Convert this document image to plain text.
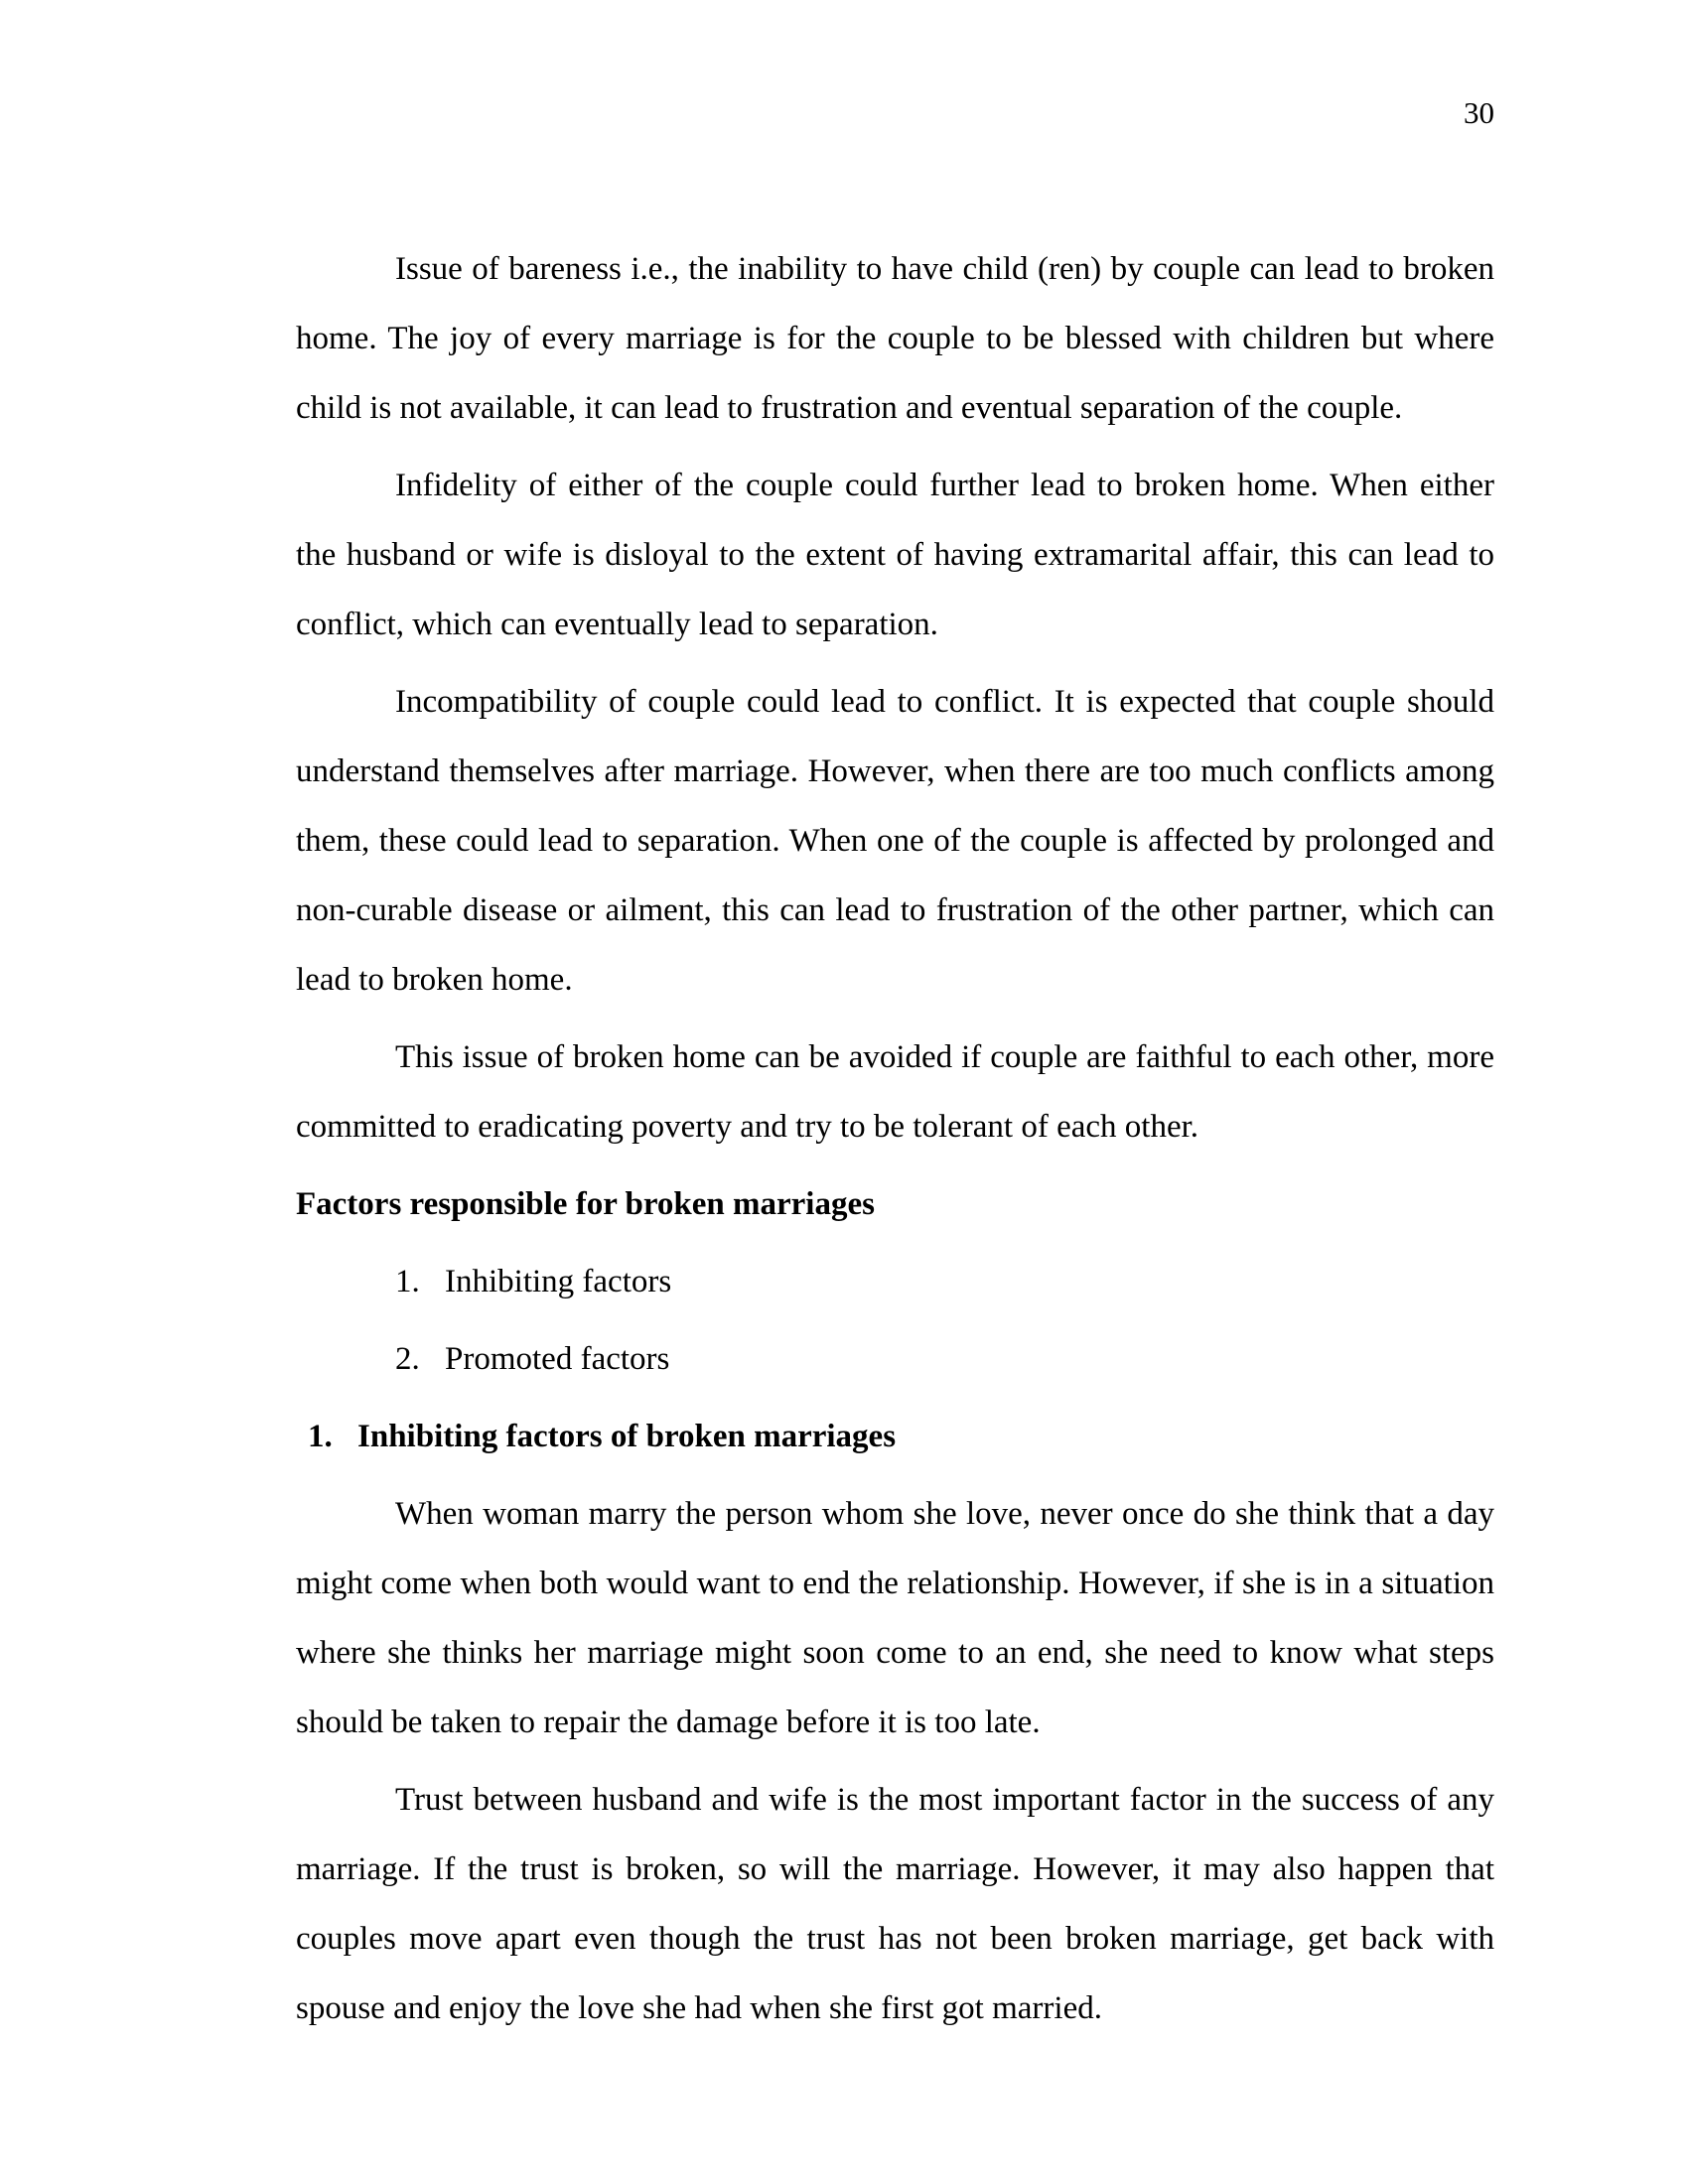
30

Issue of bareness i.e., the inability to have child (ren) by couple can lead to broken home. The joy of every marriage is for the couple to be blessed with children but where child is not available, it can lead to frustration and eventual separation of the couple.

Infidelity of either of the couple could further lead to broken home. When either the husband or wife is disloyal to the extent of having extramarital affair, this can lead to conflict, which can eventually lead to separation.

Incompatibility of couple could lead to conflict. It is expected that couple should understand themselves after marriage. However, when there are too much conflicts among them, these could lead to separation. When one of the couple is affected by prolonged and non-curable disease or ailment, this can lead to frustration of the other partner, which can lead to broken home.

This issue of broken home can be avoided if couple are faithful to each other, more committed to eradicating poverty and try to be tolerant of each other.

Factors responsible for broken marriages
1. Inhibiting factors
2. Promoted factors
1. Inhibiting factors of broken marriages

When woman marry the person whom she love, never once do she think that a day might come when both would want to end the relationship. However, if she is in a situation where she thinks her marriage might soon come to an end, she need to know what steps should be taken to repair the damage before it is too late.

Trust between husband and wife is the most important factor in the success of any marriage. If the trust is broken, so will the marriage. However, it may also happen that couples move apart even though the trust has not been broken marriage, get back with spouse and enjoy the love she had when she first got married.
